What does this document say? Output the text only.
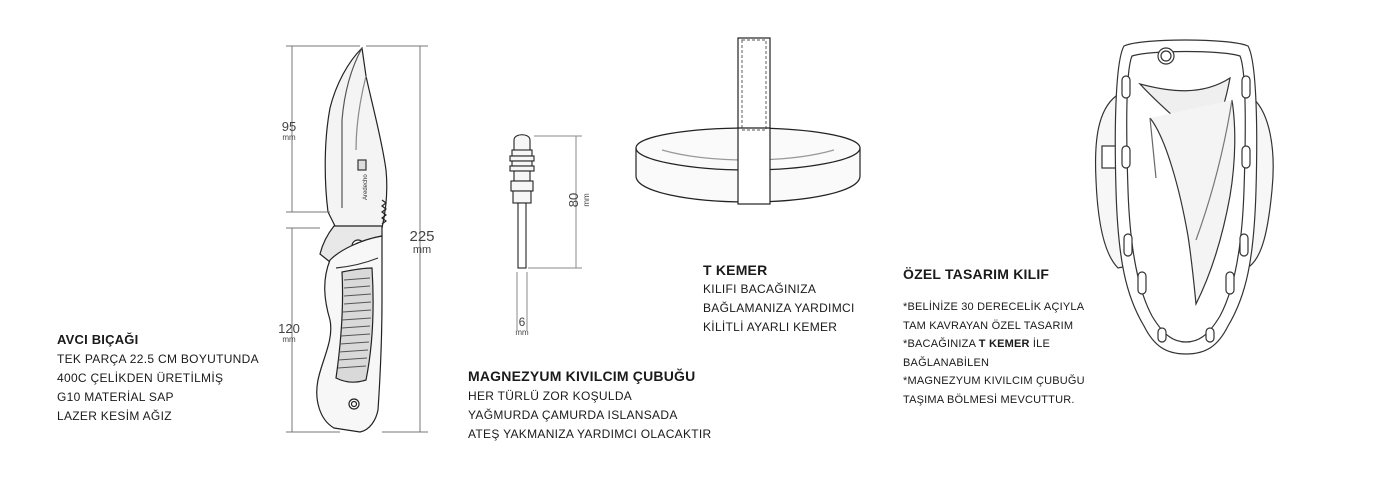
Aredecho
95
mm
120
mm
225
mm
80 mm
6
mm
AVCI BIÇAĞI
TEK PARÇA 22.5 CM BOYUTUNDA
400C ÇELİKDEN ÜRETİLMİŞ
G10 MATERİAL SAP
LAZER KESİM AĞIZ
MAGNEZYUM KIVILCIM ÇUBUĞU
HER TÜRLÜ ZOR KOŞULDA
YAĞMURDA ÇAMURDA ISLANSADA
ATEŞ YAKMANIZA YARDIMCI OLACAKTIR
T KEMER
KILIFI BACAĞINIZA
BAĞLAMANIZA YARDIMCI
KİLİTLİ AYARLI KEMER
ÖZEL TASARIM KILIF
*BELİNİZE 30 DERECELİK AÇIYLA
TAM KAVRAYAN ÖZEL TASARIM
*BACAĞINIZA T KEMER İLE
BAĞLANABİLEN
*MAGNEZYUM KIVILCIM ÇUBUĞU
TAŞIMA BÖLMESİ MEVCUTTUR.
